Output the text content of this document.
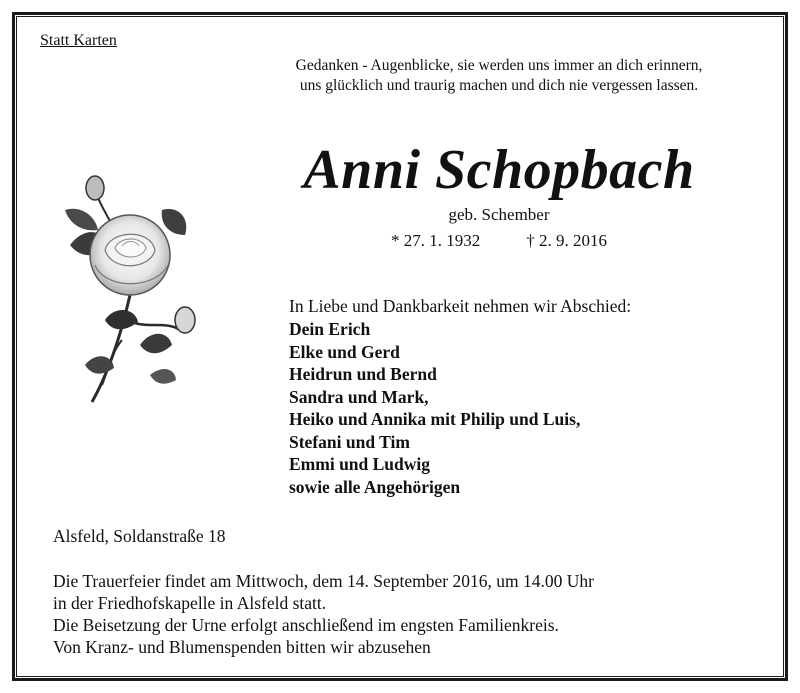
Statt Karten
Gedanken - Augenblicke, sie werden uns immer an dich erinnern,
uns glücklich und traurig machen und dich nie vergessen lassen.
Anni Schopbach
geb. Schember
* 27. 1. 1932	† 2. 9. 2016
In Liebe und Dankbarkeit nehmen wir Abschied:
Dein Erich
Elke und Gerd
Heidrun und Bernd
Sandra und Mark,
Heiko und Annika mit Philip und Luis,
Stefani und Tim
Emmi und Ludwig
sowie alle Angehörigen
Alsfeld, Soldanstraße 18
Die Trauerfeier findet am Mittwoch, dem 14. September 2016, um 14.00 Uhr
in der Friedhofskapelle in Alsfeld statt.
Die Beisetzung der Urne erfolgt anschließend im engsten Familienkreis.
Von Kranz- und Blumenspenden bitten wir abzusehen
